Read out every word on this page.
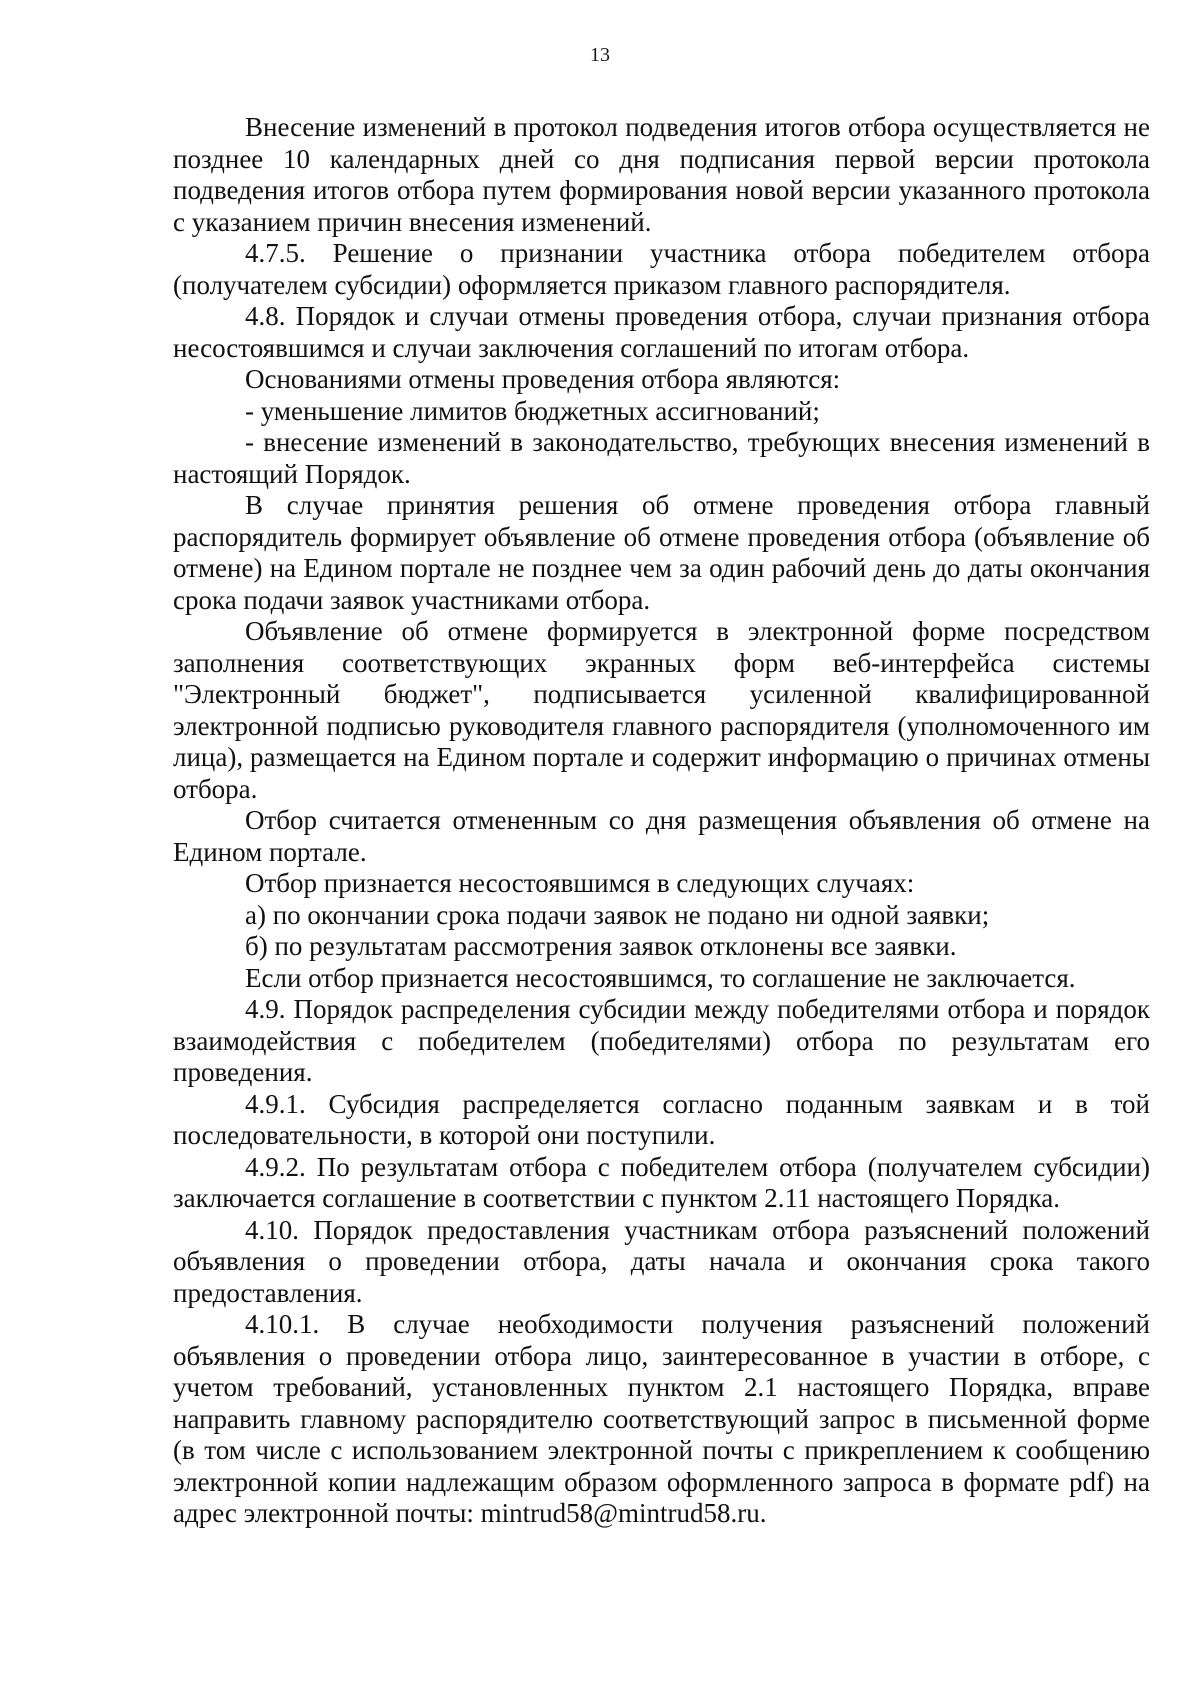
13

Внесение изменений в протокол подведения итогов отбора осуществляется не позднее 10 календарных дней со дня подписания первой версии протокола подведения итогов отбора путем формирования новой версии указанного протокола с указанием причин внесения изменений.

4.7.5. Решение о признании участника отбора победителем отбора (получателем субсидии) оформляется приказом главного распорядителя.

4.8. Порядок и случаи отмены проведения отбора, случаи признания отбора несостоявшимся и случаи заключения соглашений по итогам отбора.

Основаниями отмены проведения отбора являются:

- уменьшение лимитов бюджетных ассигнований;

- внесение изменений в законодательство, требующих внесения изменений в настоящий Порядок.

В случае принятия решения об отмене проведения отбора главный распорядитель формирует объявление об отмене проведения отбора (объявление об отмене) на Едином портале не позднее чем за один рабочий день до даты окончания срока подачи заявок участниками отбора.

Объявление об отмене формируется в электронной форме посредством заполнения соответствующих экранных форм веб-интерфейса системы "Электронный бюджет", подписывается усиленной квалифицированной электронной подписью руководителя главного распорядителя (уполномоченного им лица), размещается на Едином портале и содержит информацию о причинах отмены отбора.

Отбор считается отмененным со дня размещения объявления об отмене на Едином портале.

Отбор признается несостоявшимся в следующих случаях:

а) по окончании срока подачи заявок не подано ни одной заявки;

б) по результатам рассмотрения заявок отклонены все заявки.

Если отбор признается несостоявшимся, то соглашение не заключается.

4.9. Порядок распределения субсидии между победителями отбора и порядок взаимодействия с победителем (победителями) отбора по результатам его проведения.

4.9.1. Субсидия распределяется согласно поданным заявкам и в той последовательности, в которой они поступили.

4.9.2. По результатам отбора с победителем отбора (получателем субсидии) заключается соглашение в соответствии с пунктом 2.11 настоящего Порядка.

4.10. Порядок предоставления участникам отбора разъяснений положений объявления о проведении отбора, даты начала и окончания срока такого предоставления.

4.10.1. В случае необходимости получения разъяснений положений объявления о проведении отбора лицо, заинтересованное в участии в отборе, с учетом требований, установленных пунктом 2.1 настоящего Порядка, вправе направить главному распорядителю соответствующий запрос в письменной форме (в том числе с использованием электронной почты с прикреплением к сообщению электронной копии надлежащим образом оформленного запроса в формате pdf) на адрес электронной почты: mintrud58@mintrud58.ru.
